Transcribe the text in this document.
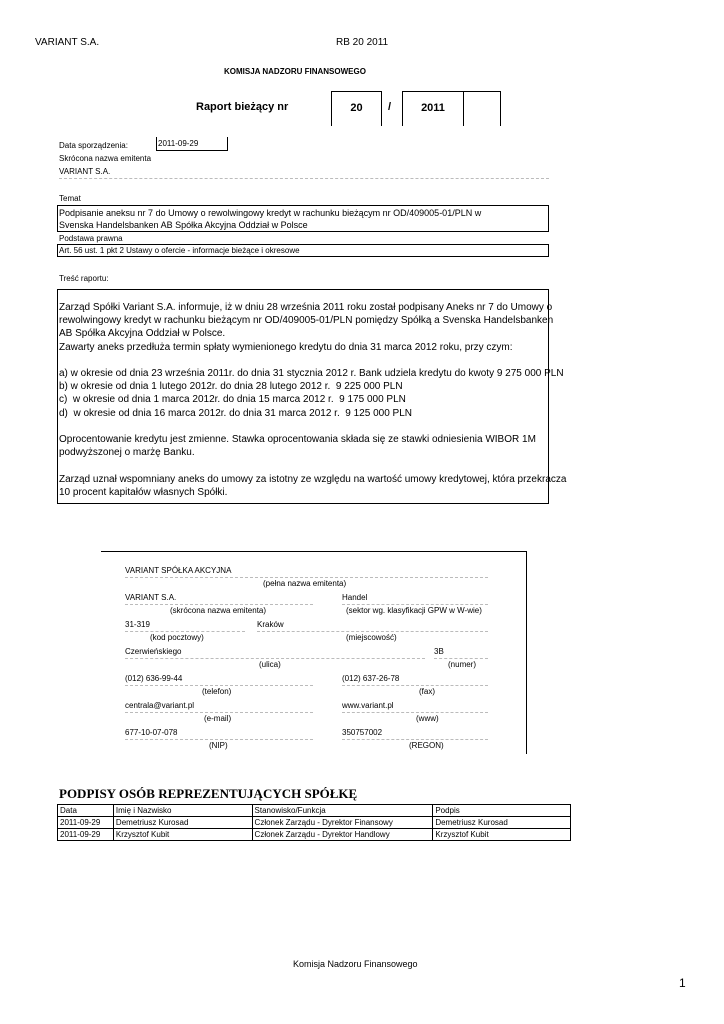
VARIANT S.A.	RB 20 2011
KOMISJA NADZORU FINANSOWEGO
Raport bieżący nr	20	/	2011
Data sporządzenia:	2011-09-29
Skrócona nazwa emitenta
VARIANT S.A.
Temat
Podpisanie aneksu nr 7 do Umowy o rewolwingowy kredyt w rachunku bieżącym nr OD/409005-01/PLN w
Svenska Handelsbanken AB Spółka Akcyjna Oddział w Polsce
Podstawa prawna
Art. 56 ust. 1 pkt 2 Ustawy o ofercie - informacje bieżące i okresowe
Treść raportu:
Zarząd Spółki Variant S.A. informuje, iż w dniu 28 września 2011 roku został podpisany Aneks nr 7 do Umowy o
rewolwingowy kredyt w rachunku bieżącym nr OD/409005-01/PLN pomiędzy Spółką a Svenska Handelsbanken
AB Spółka Akcyjna Oddział w Polsce.
Zawarty aneks przedłuża termin spłaty wymienionego kredytu do dnia 31 marca 2012 roku, przy czym:

a) w okresie od dnia 23 września 2011r. do dnia 31 stycznia 2012 r. Bank udziela kredytu do kwoty 9 275 000 PLN
b) w okresie od dnia 1 lutego 2012r. do dnia 28 lutego 2012 r.  9 225 000 PLN
c)  w okresie od dnia 1 marca 2012r. do dnia 15 marca 2012 r.  9 175 000 PLN
d)  w okresie od dnia 16 marca 2012r. do dnia 31 marca 2012 r.  9 125 000 PLN

Oprocentowanie kredytu jest zmienne. Stawka oprocentowania składa się ze stawki odniesienia WIBOR 1M
podwyższonej o marżę Banku.

Zarząd uznał wspomniany aneks do umowy za istotny ze względu na wartość umowy kredytowej, która przekracza
10 procent kapitałów własnych Spółki.
VARIANT SPÓŁKA AKCYJNA
(pełna nazwa emitenta)
VARIANT S.A.	Handel
(skrócona nazwa emitenta)	(sektor wg. klasyfikacji GPW w W-wie)
31-319	Kraków
(kod pocztowy)	(miejscowość)
Czerwieńskiego	3B
(ulica)	(numer)
(012) 636-99-44	(012) 637-26-78
(telefon)	(fax)
centrala@variant.pl	www.variant.pl
(e-mail)	(www)
677-10-07-078	350757002
(NIP)	(REGON)
PODPISY OSÓB REPREZENTUJĄCYCH SPÓŁKĘ
Data	Imię i Nazwisko	Stanowisko/Funkcja	Podpis
2011-09-29	Demetriusz Kurosad	Członek Zarządu - Dyrektor Finansowy	Demetriusz Kurosad
2011-09-29	Krzysztof Kubit	Członek Zarządu - Dyrektor Handlowy	Krzysztof Kubit
Komisja Nadzoru Finansowego
1
